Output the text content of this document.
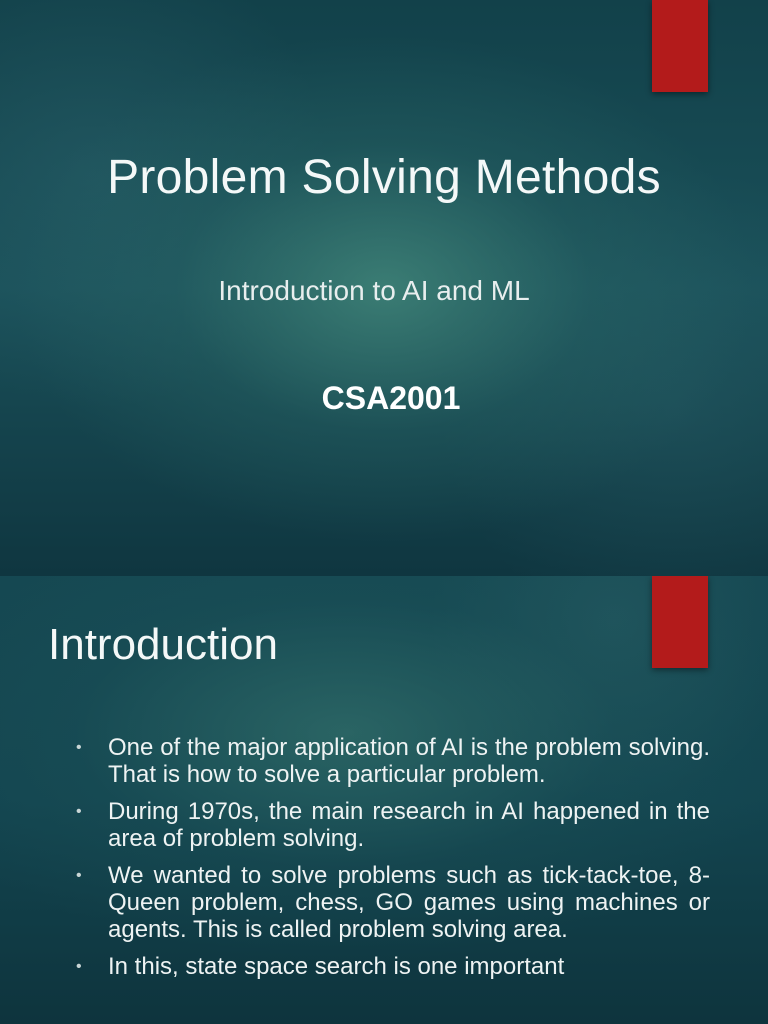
Problem Solving Methods
Introduction to AI and ML
CSA2001
Introduction
• One of the major application of AI is the problem solving. That is how to solve a particular problem.
• During 1970s, the main research in AI happened in the area of problem solving.
• We wanted to solve problems such as tick-tack-toe, 8-Queen problem, chess, GO games using machines or agents. This is called problem solving area.
• In this, state space search is one important
